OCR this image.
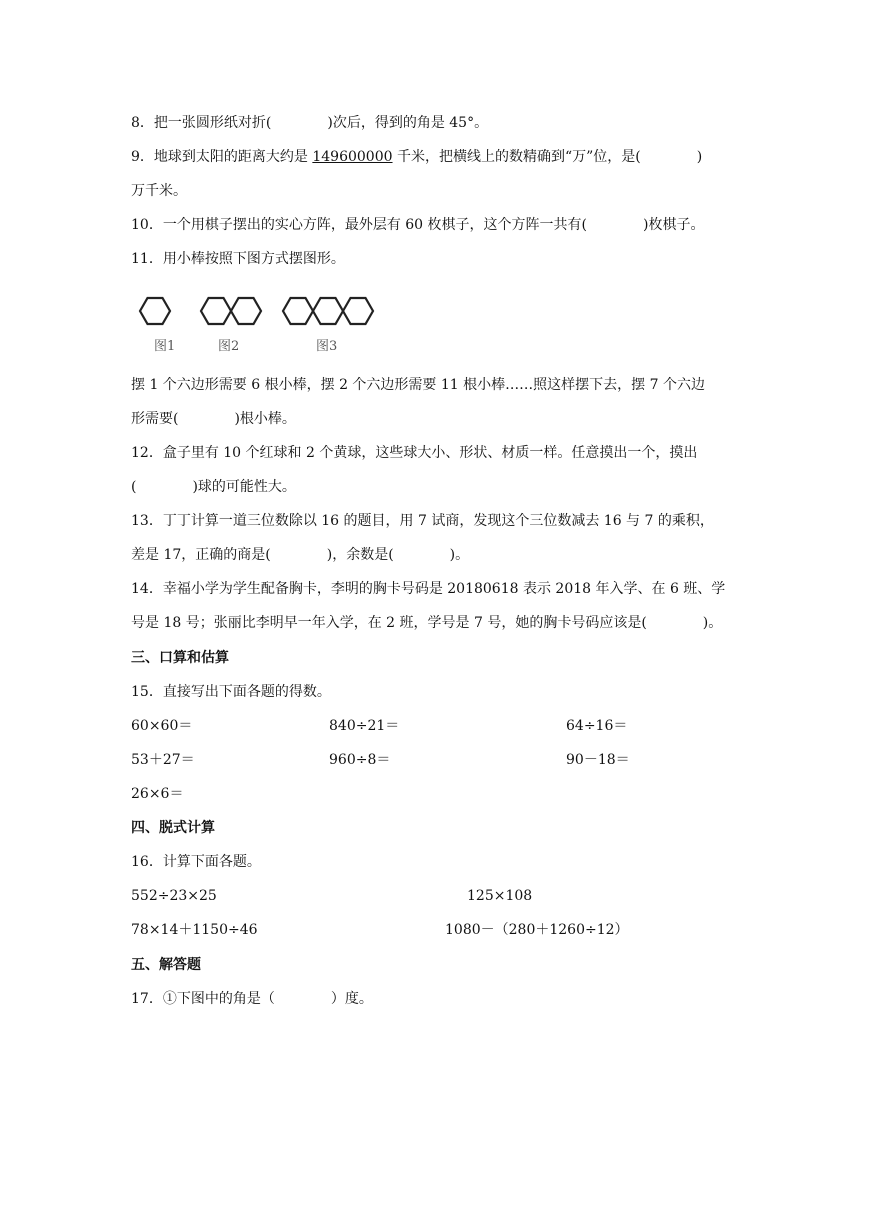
8．把一张圆形纸对折(　　　　)次后，得到的角是 45°。
9．地球到太阳的距离大约是 149600000 千米，把横线上的数精确到“万”位，是(　　　　)
万千米。
10．一个用棋子摆出的实心方阵，最外层有 60 枚棋子，这个方阵一共有(　　　　)枚棋子。
11．用小棒按照下图方式摆图形。
图1	图2	图3
摆 1 个六边形需要 6 根小棒，摆 2 个六边形需要 11 根小棒……照这样摆下去，摆 7 个六边
形需要(　　　　)根小棒。
12．盒子里有 10 个红球和 2 个黄球，这些球大小、形状、材质一样。任意摸出一个，摸出
(　　　　)球的可能性大。
13．丁丁计算一道三位数除以 16 的题目，用 7 试商，发现这个三位数减去 16 与 7 的乘积，
差是 17，正确的商是(　　　　)，余数是(　　　　)。
14．幸福小学为学生配备胸卡，李明的胸卡号码是 20180618 表示 2018 年入学、在 6 班、学
号是 18 号；张丽比李明早一年入学，在 2 班，学号是 7 号，她的胸卡号码应该是(　　　　)。
三、口算和估算
15．直接写出下面各题的得数。
60×60＝	840÷21＝	64÷16＝
53＋27＝	960÷8＝	90－18＝
26×6＝
四、脱式计算
16．计算下面各题。
552÷23×25	125×108
78×14＋1150÷46	1080－（280＋1260÷12）
五、解答题
17．①下图中的角是（　　　　）度。
